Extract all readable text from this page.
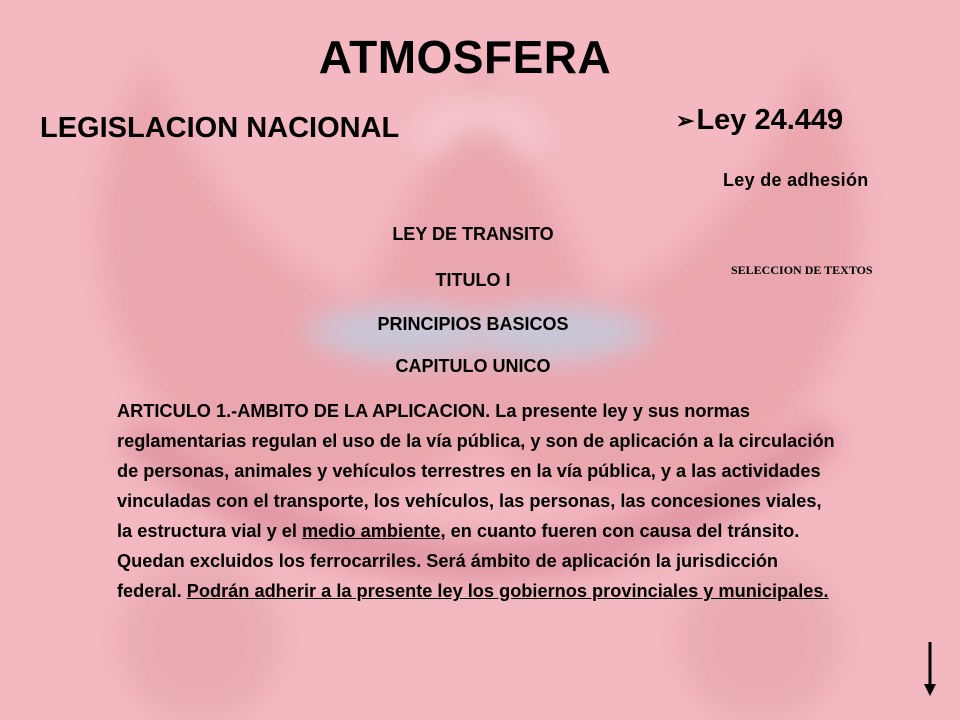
ATMOSFERA
LEGISLACION NACIONAL	➢ Ley 24.449
Ley de adhesión
SELECCION DE TEXTOS
LEY DE TRANSITO
TITULO I
PRINCIPIOS BASICOS
CAPITULO UNICO
ARTICULO 1.-AMBITO DE LA APLICACION. La presente ley y sus normas reglamentarias regulan el uso de la vía pública, y son de aplicación a la circulación de personas, animales y vehículos terrestres en la vía pública, y a las actividades vinculadas con el transporte, los vehículos, las personas, las concesiones viales, la estructura vial y el medio ambiente, en cuanto fueren con causa del tránsito. Quedan excluidos los ferrocarriles. Será ámbito de aplicación la jurisdicción federal. Podrán adherir a la presente ley los gobiernos provinciales y municipales.
